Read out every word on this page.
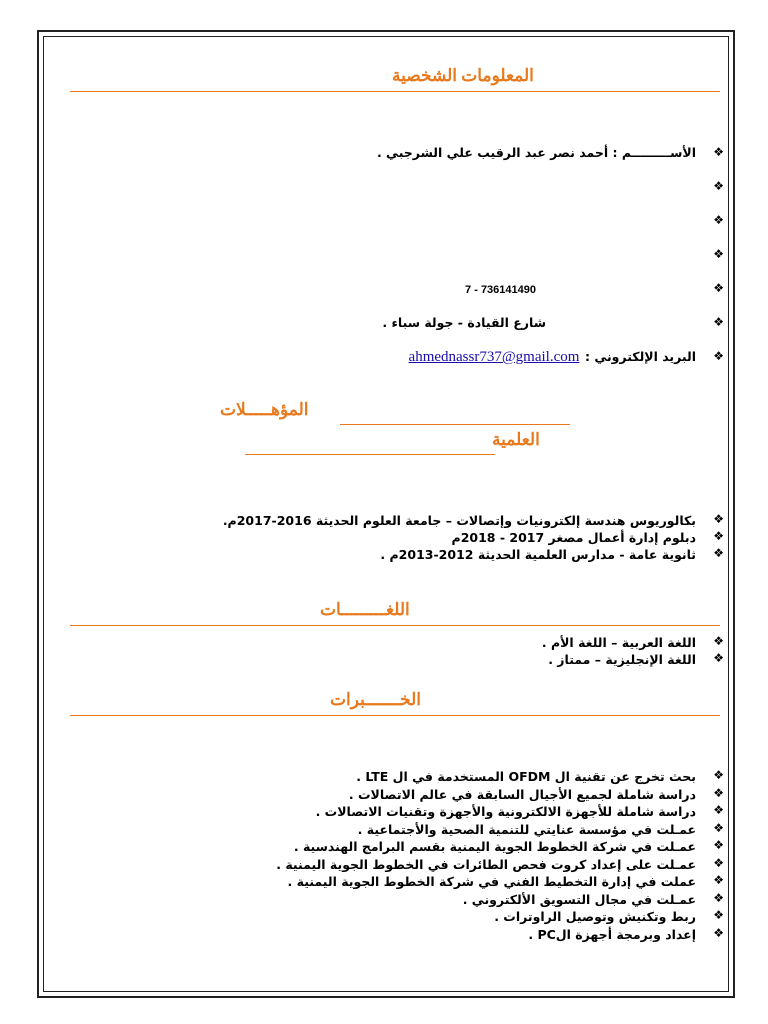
المعلومات الشخصية
❖
الأســـــــــم : أحمد نصر عبد الرقيب علي الشرجبي .
❖
❖
❖
❖
736141490 - 7
❖
شارع القيادة - جولة سباء .
❖
البريد الإلكتروني : ahmednassr737@gmail.com
المؤهـــــلات
العلمية
❖
بكالوريوس هندسة إلكترونيات وإتصالات – جامعة العلوم الحديثة 2016-2017م.
❖
دبلوم إدارة أعمال مصغر 2017 - 2018م
❖
ثانوية عامة - مدارس العلمية الحديثة 2012-2013م .
اللغـــــــــات
❖
اللغة العربية – اللغة الأم .
❖
اللغة الإنجليزية – ممتاز .
الخـــــــبرات
❖
بحث تخرج عن تقنية ال OFDM المستخدمة في ال LTE .
❖
دراسة شاملة لجميع الأجيال السابقة في عالم الاتصالات .
❖
دراسة شاملة للأجهزة الالكترونية والأجهزة وتقنيات الاتصالات .
❖
عمـلت في مؤسسة عنايتي للتنمية الصحية والأجتماعية .
❖
عمـلت في شركة الخطوط الجوية اليمنية بقسم البرامج الهندسية .
❖
عمـلت على إعداد كروت فحص الطائرات في الخطوط الجوية اليمنية .
❖
عملت في إدارة التخطيط الفني في شركة الخطوط الجوية اليمنية .
❖
عمـلت في مجال التسويق الألكتروني .
❖
ربط وتكنيش وتوصيل الراوترات .
❖
إعداد وبرمجة أجهزة الPC .
